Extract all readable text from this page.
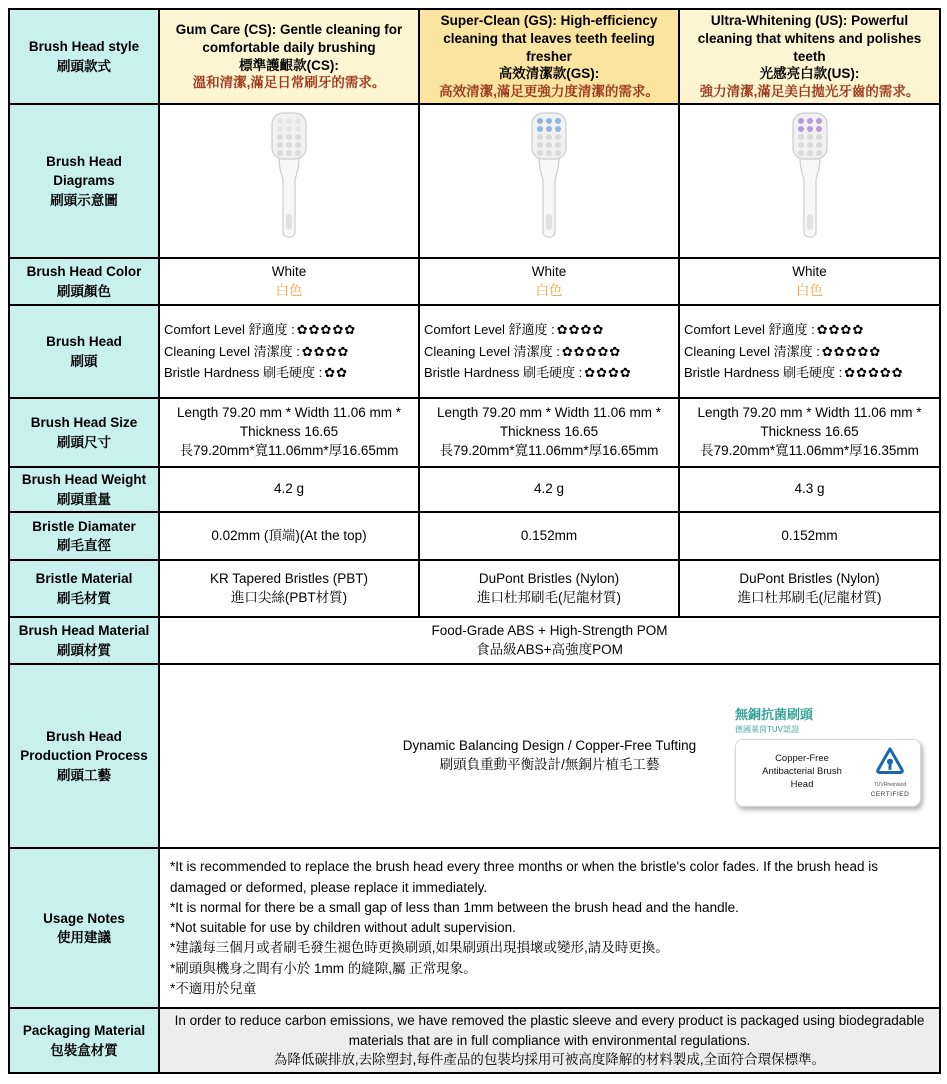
Brush Head style
刷頭款式

Gum Care (CS): Gentle cleaning for comfortable daily brushing
標準護齦款(CS):
溫和清潔,滿足日常刷牙的需求。

Super-Clean (GS): High-efficiency cleaning that leaves teeth feeling fresher
高效清潔款(GS):
高效清潔,滿足更強力度清潔的需求。

Ultra-Whitening (US): Powerful cleaning that whitens and polishes teeth
光感亮白款(US):
強力清潔,滿足美白拋光牙齒的需求。

Brush Head Diagrams
刷頭示意圖

Brush Head Color
刷頭顏色

White
白色

White
白色

White
白色

Brush Head
刷頭

Comfort Level 舒適度 : ✿✿✿✿✿
Cleaning Level 清潔度 : ✿✿✿✿
Bristle Hardness 刷毛硬度 : ✿✿

Comfort Level 舒適度 : ✿✿✿✿
Cleaning Level 清潔度 : ✿✿✿✿✿
Bristle Hardness 刷毛硬度 : ✿✿✿✿

Comfort Level 舒適度 : ✿✿✿✿
Cleaning Level 清潔度 : ✿✿✿✿✿
Bristle Hardness 刷毛硬度 : ✿✿✿✿✿

Brush Head Size
刷頭尺寸

Length 79.20 mm * Width 11.06 mm * Thickness 16.65
長79.20mm*寬11.06mm*厚16.65mm

Length 79.20 mm * Width 11.06 mm * Thickness 16.65
長79.20mm*寬11.06mm*厚16.65mm

Length 79.20 mm * Width 11.06 mm * Thickness 16.65
長79.20mm*寬11.06mm*厚16.35mm

Brush Head Weight
刷頭重量	4.2 g	4.2 g	4.3 g

Bristle Diamater
刷毛直徑	0.02mm (頂端)(At the top)	0.152mm	0.152mm

Bristle Material
刷毛材質

KR Tapered Bristles (PBT)
進口尖絲(PBT材質)

DuPont Bristles (Nylon)
進口杜邦刷毛(尼龍材質)

DuPont Bristles (Nylon)
進口杜邦刷毛(尼龍材質)

Brush Head Material
刷頭材質

Food-Grade ABS + High-Strength POM
食品級ABS+高強度POM

Brush Head Production Process
刷頭工藝

Dynamic Balancing Design / Copper-Free Tufting
刷頭負重動平衡設計/無銅片植毛工藝
無銅抗菌刷頭
德國萊茵TUV認證
Copper-Free
Antibacterial Brush
Head	TÜVRheinland
CERTIFIED

Usage Notes
使用建議

*It is recommended to replace the brush head every three months or when the bristle's color fades. If the brush head is damaged or deformed, please replace it immediately.
*It is normal for there be a small gap of less than 1mm between the brush head and the handle.
*Not suitable for use by children without adult supervision.
*建議每三個月或者刷毛發生褪色時更換刷頭,如果刷頭出現損壞或變形,請及時更換。
*刷頭與機身之間有小於 1mm 的縫隙,屬 正常現象。
*不適用於兒童

Packaging Material
包裝盒材質

In order to reduce carbon emissions, we have removed the plastic sleeve and every product is packaged using biodegradable materials that are in full compliance with environmental regulations.
為降低碳排放,去除塑封,每件產品的包裝均採用可被高度降解的材料製成,全面符合環保標準。
